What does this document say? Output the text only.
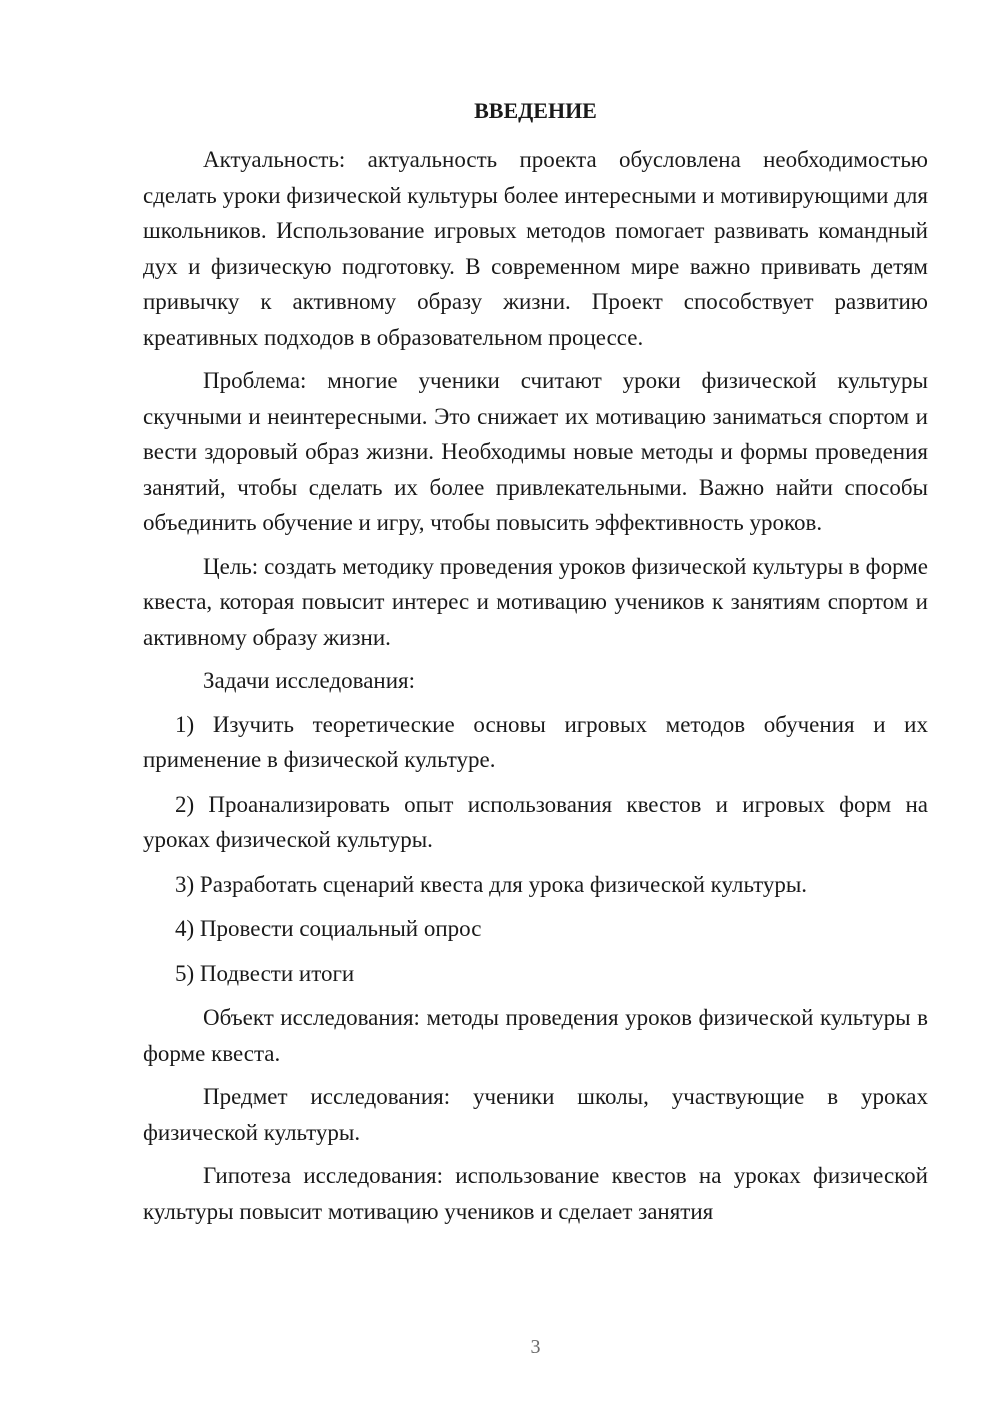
ВВЕДЕНИЕ

Актуальность: актуальность проекта обусловлена необходимостью сделать уроки физической культуры более интересными и мотивирующими для школьников. Использование игровых методов помогает развивать командный дух и физическую подготовку. В современном мире важно прививать детям привычку к активному образу жизни. Проект способствует развитию креативных подходов в образовательном процессе.

Проблема: многие ученики считают уроки физической культуры скучными и неинтересными. Это снижает их мотивацию заниматься спортом и вести здоровый образ жизни. Необходимы новые методы и формы проведения занятий, чтобы сделать их более привлекательными. Важно найти способы объединить обучение и игру, чтобы повысить эффективность уроков.

Цель: создать методику проведения уроков физической культуры в форме квеста, которая повысит интерес и мотивацию учеников к занятиям спортом и активному образу жизни.

Задачи исследования:

1) Изучить теоретические основы игровых методов обучения и их применение в физической культуре.

2) Проанализировать опыт использования квестов и игровых форм на уроках физической культуры.

3) Разработать сценарий квеста для урока физической культуры.

4) Провести социальный опрос

5) Подвести итоги

Объект исследования: методы проведения уроков физической культуры в форме квеста.

Предмет исследования: ученики школы, участвующие в уроках физической культуры.

Гипотеза исследования: использование квестов на уроках физической культуры повысит мотивацию учеников и сделает занятия

3
